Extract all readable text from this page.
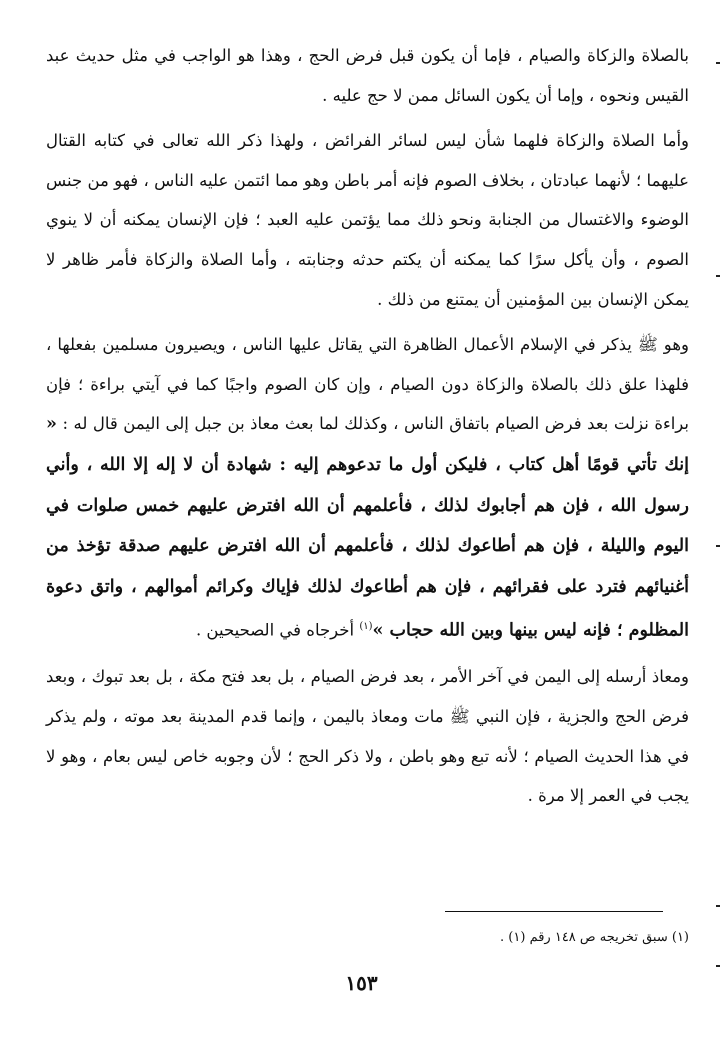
بالصلاة والزكاة والصيام ، فإما أن يكون قبل فرض الحج ، وهذا هو الواجب في مثل حديث عبد القيس ونحوه ، وإما أن يكون السائل ممن لا حج عليه .

وأما الصلاة والزكاة فلهما شأن ليس لسائر الفرائض ، ولهذا ذكر الله تعالى في كتابه القتال عليهما ؛ لأنهما عبادتان ، بخلاف الصوم فإنه أمر باطن وهو مما ائتمن عليه الناس ، فهو من جنس الوضوء والاغتسال من الجنابة ونحو ذلك مما يؤتمن عليه العبد ؛ فإن الإنسان يمكنه أن لا ينوي الصوم ، وأن يأكل سرًا كما يمكنه أن يكتم حدثه وجنابته ، وأما الصلاة والزكاة فأمر ظاهر لا يمكن الإنسان بين المؤمنين أن يمتنع من ذلك .

وهو ﷺ يذكر في الإسلام الأعمال الظاهرة التي يقاتل عليها الناس ، ويصيرون مسلمين بفعلها ، فلهذا علق ذلك بالصلاة والزكاة دون الصيام ، وإن كان الصوم واجبًا كما في آيتي براءة ؛ فإن براءة نزلت بعد فرض الصيام باتفاق الناس ، وكذلك لما بعث معاذ بن جبل إلى اليمن قال له : « إنك تأتي قومًا أهل كتاب ، فليكن أول ما تدعوهم إليه : شهادة أن لا إله إلا الله ، وأني رسول الله ، فإن هم أجابوك لذلك ، فأعلمهم أن الله افترض عليهم خمس صلوات في اليوم والليلة ، فإن هم أطاعوك لذلك ، فأعلمهم أن الله افترض عليهم صدقة تؤخذ من أغنيائهم فترد على فقرائهم ، فإن هم أطاعوك لذلك فإياك وكرائم أموالهم ، واتق دعوة المظلوم ؛ فإنه ليس بينها وبين الله حجاب »$^{(١)}$ أخرجاه في الصحيحين .

ومعاذ أرسله إلى اليمن في آخر الأمر ، بعد فرض الصيام ، بل بعد فتح مكة ، بل بعد تبوك ، وبعد فرض الحج والجزية ، فإن النبي ﷺ مات ومعاذ باليمن ، وإنما قدم المدينة بعد موته ، ولم يذكر في هذا الحديث الصيام ؛ لأنه تبع وهو باطن ، ولا ذكر الحج ؛ لأن وجوبه خاص ليس بعام ، وهو لا يجب في العمر إلا مرة .

(١) سبق تخريجه ص ١٤٨ رقم (١) .
١٥٣
